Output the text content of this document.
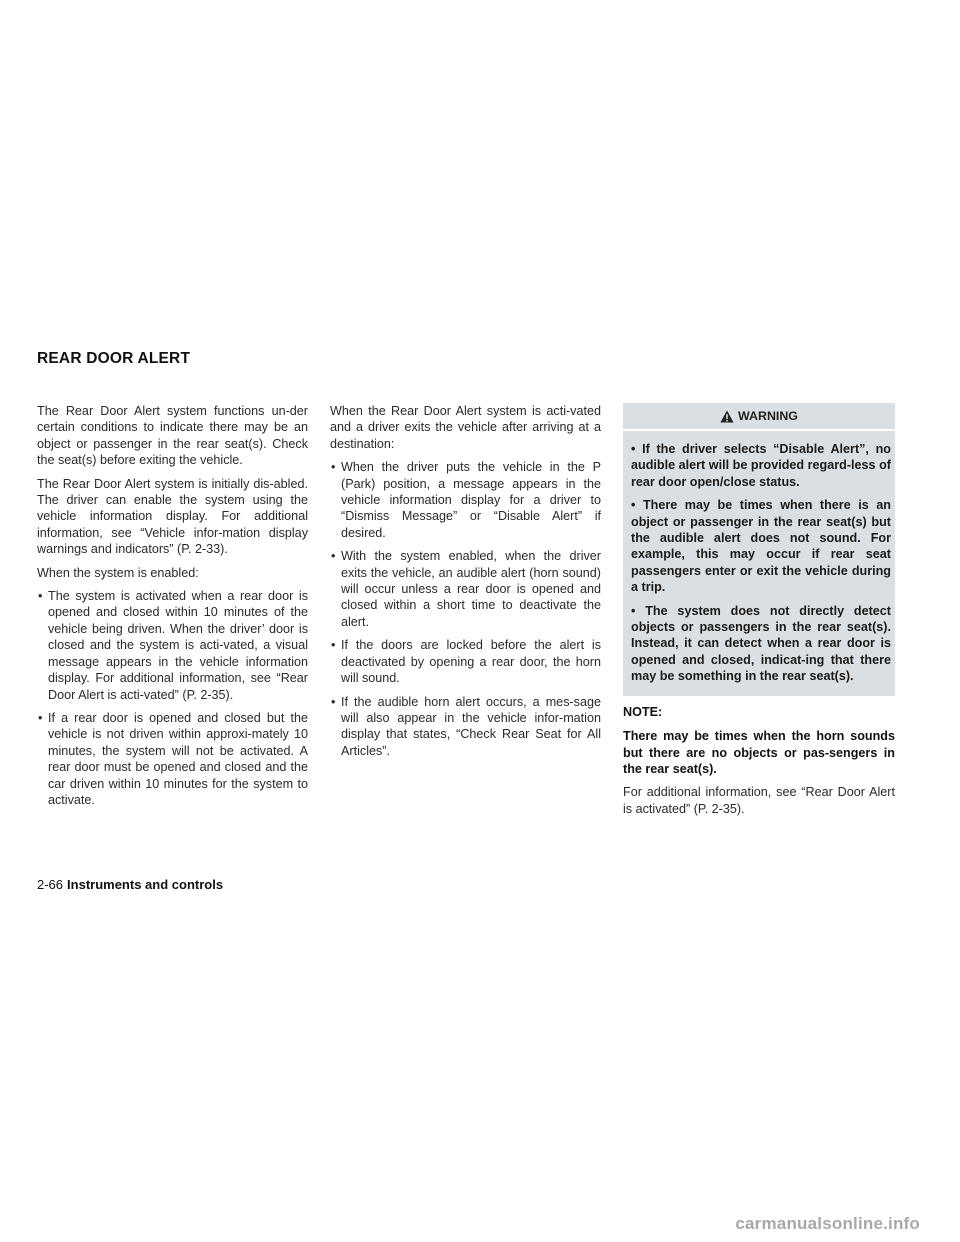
REAR DOOR ALERT

The Rear Door Alert system functions un-der certain conditions to indicate there may be an object or passenger in the rear seat(s). Check the seat(s) before exiting the vehicle.

The Rear Door Alert system is initially dis-abled. The driver can enable the system using the vehicle information display. For additional information, see “Vehicle infor-mation display warnings and indicators” (P. 2-33).

When the system is enabled:

• The system is activated when a rear door is opened and closed within 10 minutes of the vehicle being driven. When the driver’ door is closed and the system is acti-vated, a visual message appears in the vehicle information display. For additional information, see “Rear Door Alert is acti-vated” (P. 2-35).
• If a rear door is opened and closed but the vehicle is not driven within approxi-mately 10 minutes, the system will not be activated. A rear door must be opened and closed and the car driven within 10 minutes for the system to activate.

When the Rear Door Alert system is acti-vated and a driver exits the vehicle after arriving at a destination:

• When the driver puts the vehicle in the P (Park) position, a message appears in the vehicle information display for a driver to “Dismiss Message” or “Disable Alert” if desired.
• With the system enabled, when the driver exits the vehicle, an audible alert (horn sound) will occur unless a rear door is opened and closed within a short time to deactivate the alert.
• If the doors are locked before the alert is deactivated by opening a rear door, the horn will sound.
• If the audible horn alert occurs, a mes-sage will also appear in the vehicle infor-mation display that states, “Check Rear Seat for All Articles”.
WARNING

• If the driver selects “Disable Alert”, no audible alert will be provided regard-less of rear door open/close status.

• There may be times when there is an object or passenger in the rear seat(s) but the audible alert does not sound. For example, this may occur if rear seat passengers enter or exit the vehicle during a trip.

• The system does not directly detect objects or passengers in the rear seat(s). Instead, it can detect when a rear door is opened and closed, indicat-ing that there may be something in the rear seat(s).

NOTE:

There may be times when the horn sounds but there are no objects or pas-sengers in the rear seat(s).

For additional information, see “Rear Door Alert is activated” (P. 2-35).

2-66 Instruments and controls
carmanualsonline.info
